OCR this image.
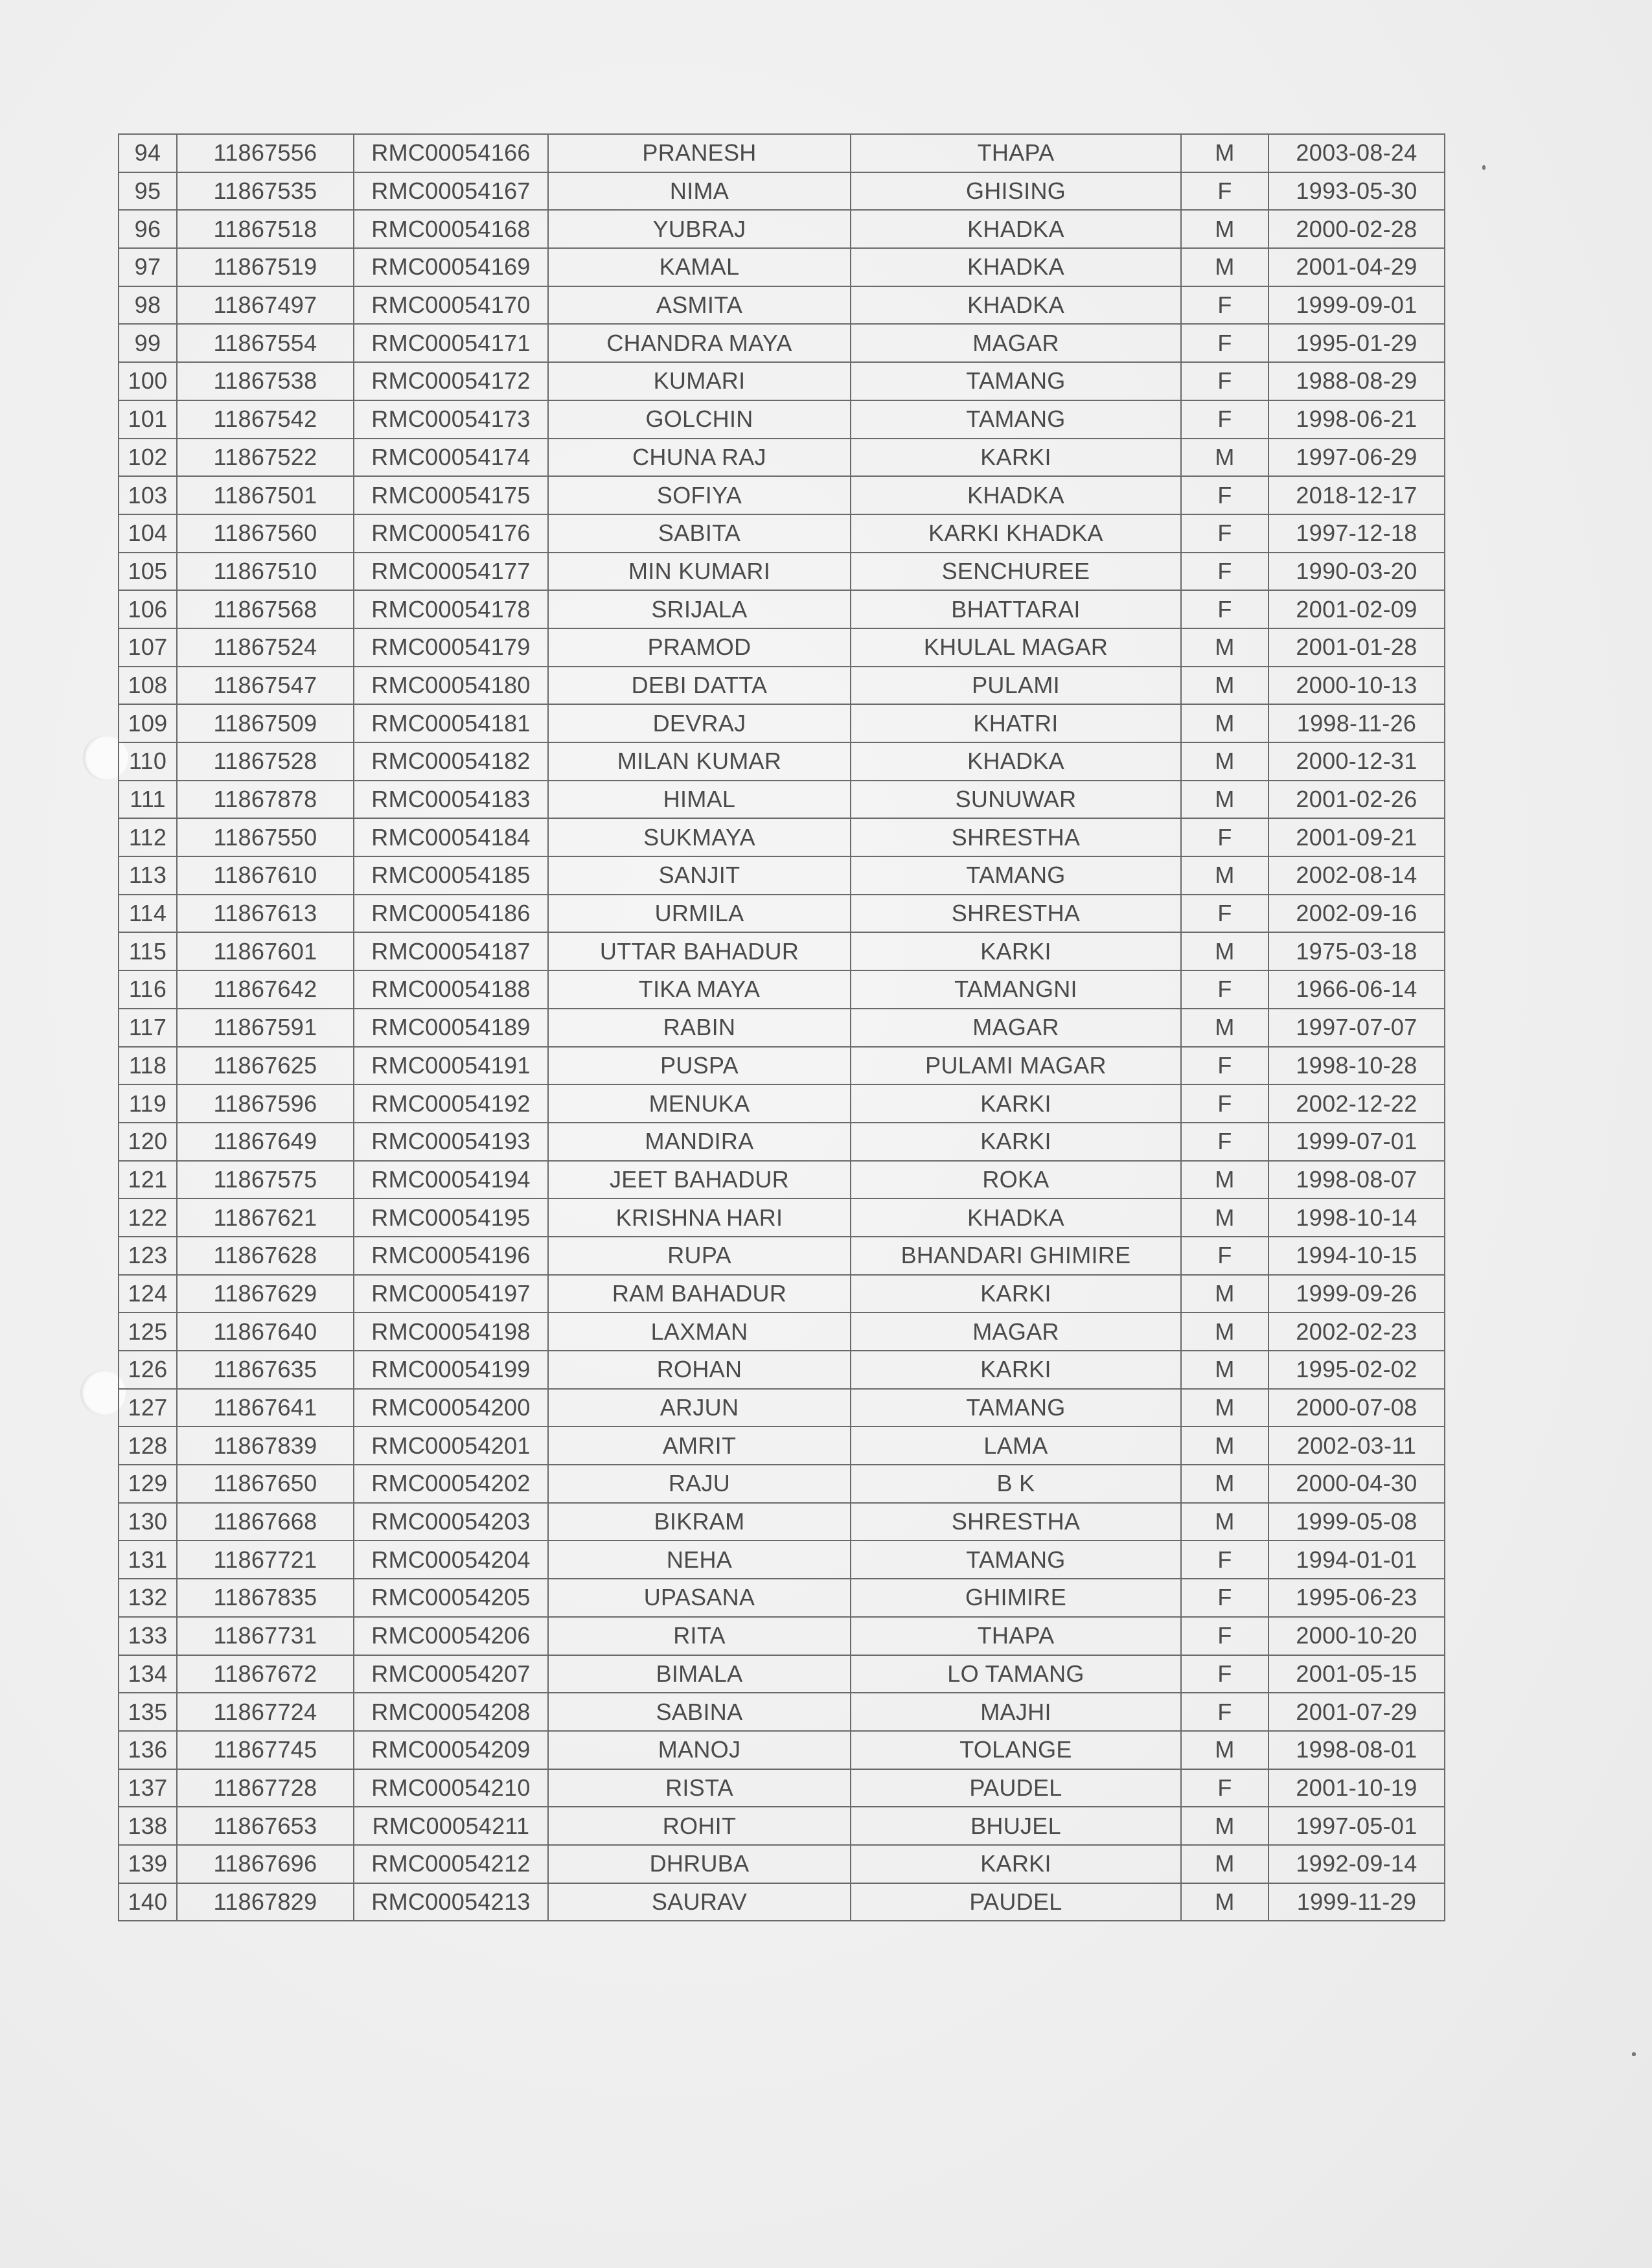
94	11867556	RMC00054166	PRANESH	THAPA	M	2003-08-24
95	11867535	RMC00054167	NIMA	GHISING	F	1993-05-30
96	11867518	RMC00054168	YUBRAJ	KHADKA	M	2000-02-28
97	11867519	RMC00054169	KAMAL	KHADKA	M	2001-04-29
98	11867497	RMC00054170	ASMITA	KHADKA	F	1999-09-01
99	11867554	RMC00054171	CHANDRA MAYA	MAGAR	F	1995-01-29
100	11867538	RMC00054172	KUMARI	TAMANG	F	1988-08-29
101	11867542	RMC00054173	GOLCHIN	TAMANG	F	1998-06-21
102	11867522	RMC00054174	CHUNA RAJ	KARKI	M	1997-06-29
103	11867501	RMC00054175	SOFIYA	KHADKA	F	2018-12-17
104	11867560	RMC00054176	SABITA	KARKI KHADKA	F	1997-12-18
105	11867510	RMC00054177	MIN KUMARI	SENCHUREE	F	1990-03-20
106	11867568	RMC00054178	SRIJALA	BHATTARAI	F	2001-02-09
107	11867524	RMC00054179	PRAMOD	KHULAL MAGAR	M	2001-01-28
108	11867547	RMC00054180	DEBI DATTA	PULAMI	M	2000-10-13
109	11867509	RMC00054181	DEVRAJ	KHATRI	M	1998-11-26
110	11867528	RMC00054182	MILAN KUMAR	KHADKA	M	2000-12-31
111	11867878	RMC00054183	HIMAL	SUNUWAR	M	2001-02-26
112	11867550	RMC00054184	SUKMAYA	SHRESTHA	F	2001-09-21
113	11867610	RMC00054185	SANJIT	TAMANG	M	2002-08-14
114	11867613	RMC00054186	URMILA	SHRESTHA	F	2002-09-16
115	11867601	RMC00054187	UTTAR BAHADUR	KARKI	M	1975-03-18
116	11867642	RMC00054188	TIKA MAYA	TAMANGNI	F	1966-06-14
117	11867591	RMC00054189	RABIN	MAGAR	M	1997-07-07
118	11867625	RMC00054191	PUSPA	PULAMI MAGAR	F	1998-10-28
119	11867596	RMC00054192	MENUKA	KARKI	F	2002-12-22
120	11867649	RMC00054193	MANDIRA	KARKI	F	1999-07-01
121	11867575	RMC00054194	JEET BAHADUR	ROKA	M	1998-08-07
122	11867621	RMC00054195	KRISHNA HARI	KHADKA	M	1998-10-14
123	11867628	RMC00054196	RUPA	BHANDARI GHIMIRE	F	1994-10-15
124	11867629	RMC00054197	RAM BAHADUR	KARKI	M	1999-09-26
125	11867640	RMC00054198	LAXMAN	MAGAR	M	2002-02-23
126	11867635	RMC00054199	ROHAN	KARKI	M	1995-02-02
127	11867641	RMC00054200	ARJUN	TAMANG	M	2000-07-08
128	11867839	RMC00054201	AMRIT	LAMA	M	2002-03-11
129	11867650	RMC00054202	RAJU	B K	M	2000-04-30
130	11867668	RMC00054203	BIKRAM	SHRESTHA	M	1999-05-08
131	11867721	RMC00054204	NEHA	TAMANG	F	1994-01-01
132	11867835	RMC00054205	UPASANA	GHIMIRE	F	1995-06-23
133	11867731	RMC00054206	RITA	THAPA	F	2000-10-20
134	11867672	RMC00054207	BIMALA	LO TAMANG	F	2001-05-15
135	11867724	RMC00054208	SABINA	MAJHI	F	2001-07-29
136	11867745	RMC00054209	MANOJ	TOLANGE	M	1998-08-01
137	11867728	RMC00054210	RISTA	PAUDEL	F	2001-10-19
138	11867653	RMC00054211	ROHIT	BHUJEL	M	1997-05-01
139	11867696	RMC00054212	DHRUBA	KARKI	M	1992-09-14
140	11867829	RMC00054213	SAURAV	PAUDEL	M	1999-11-29
